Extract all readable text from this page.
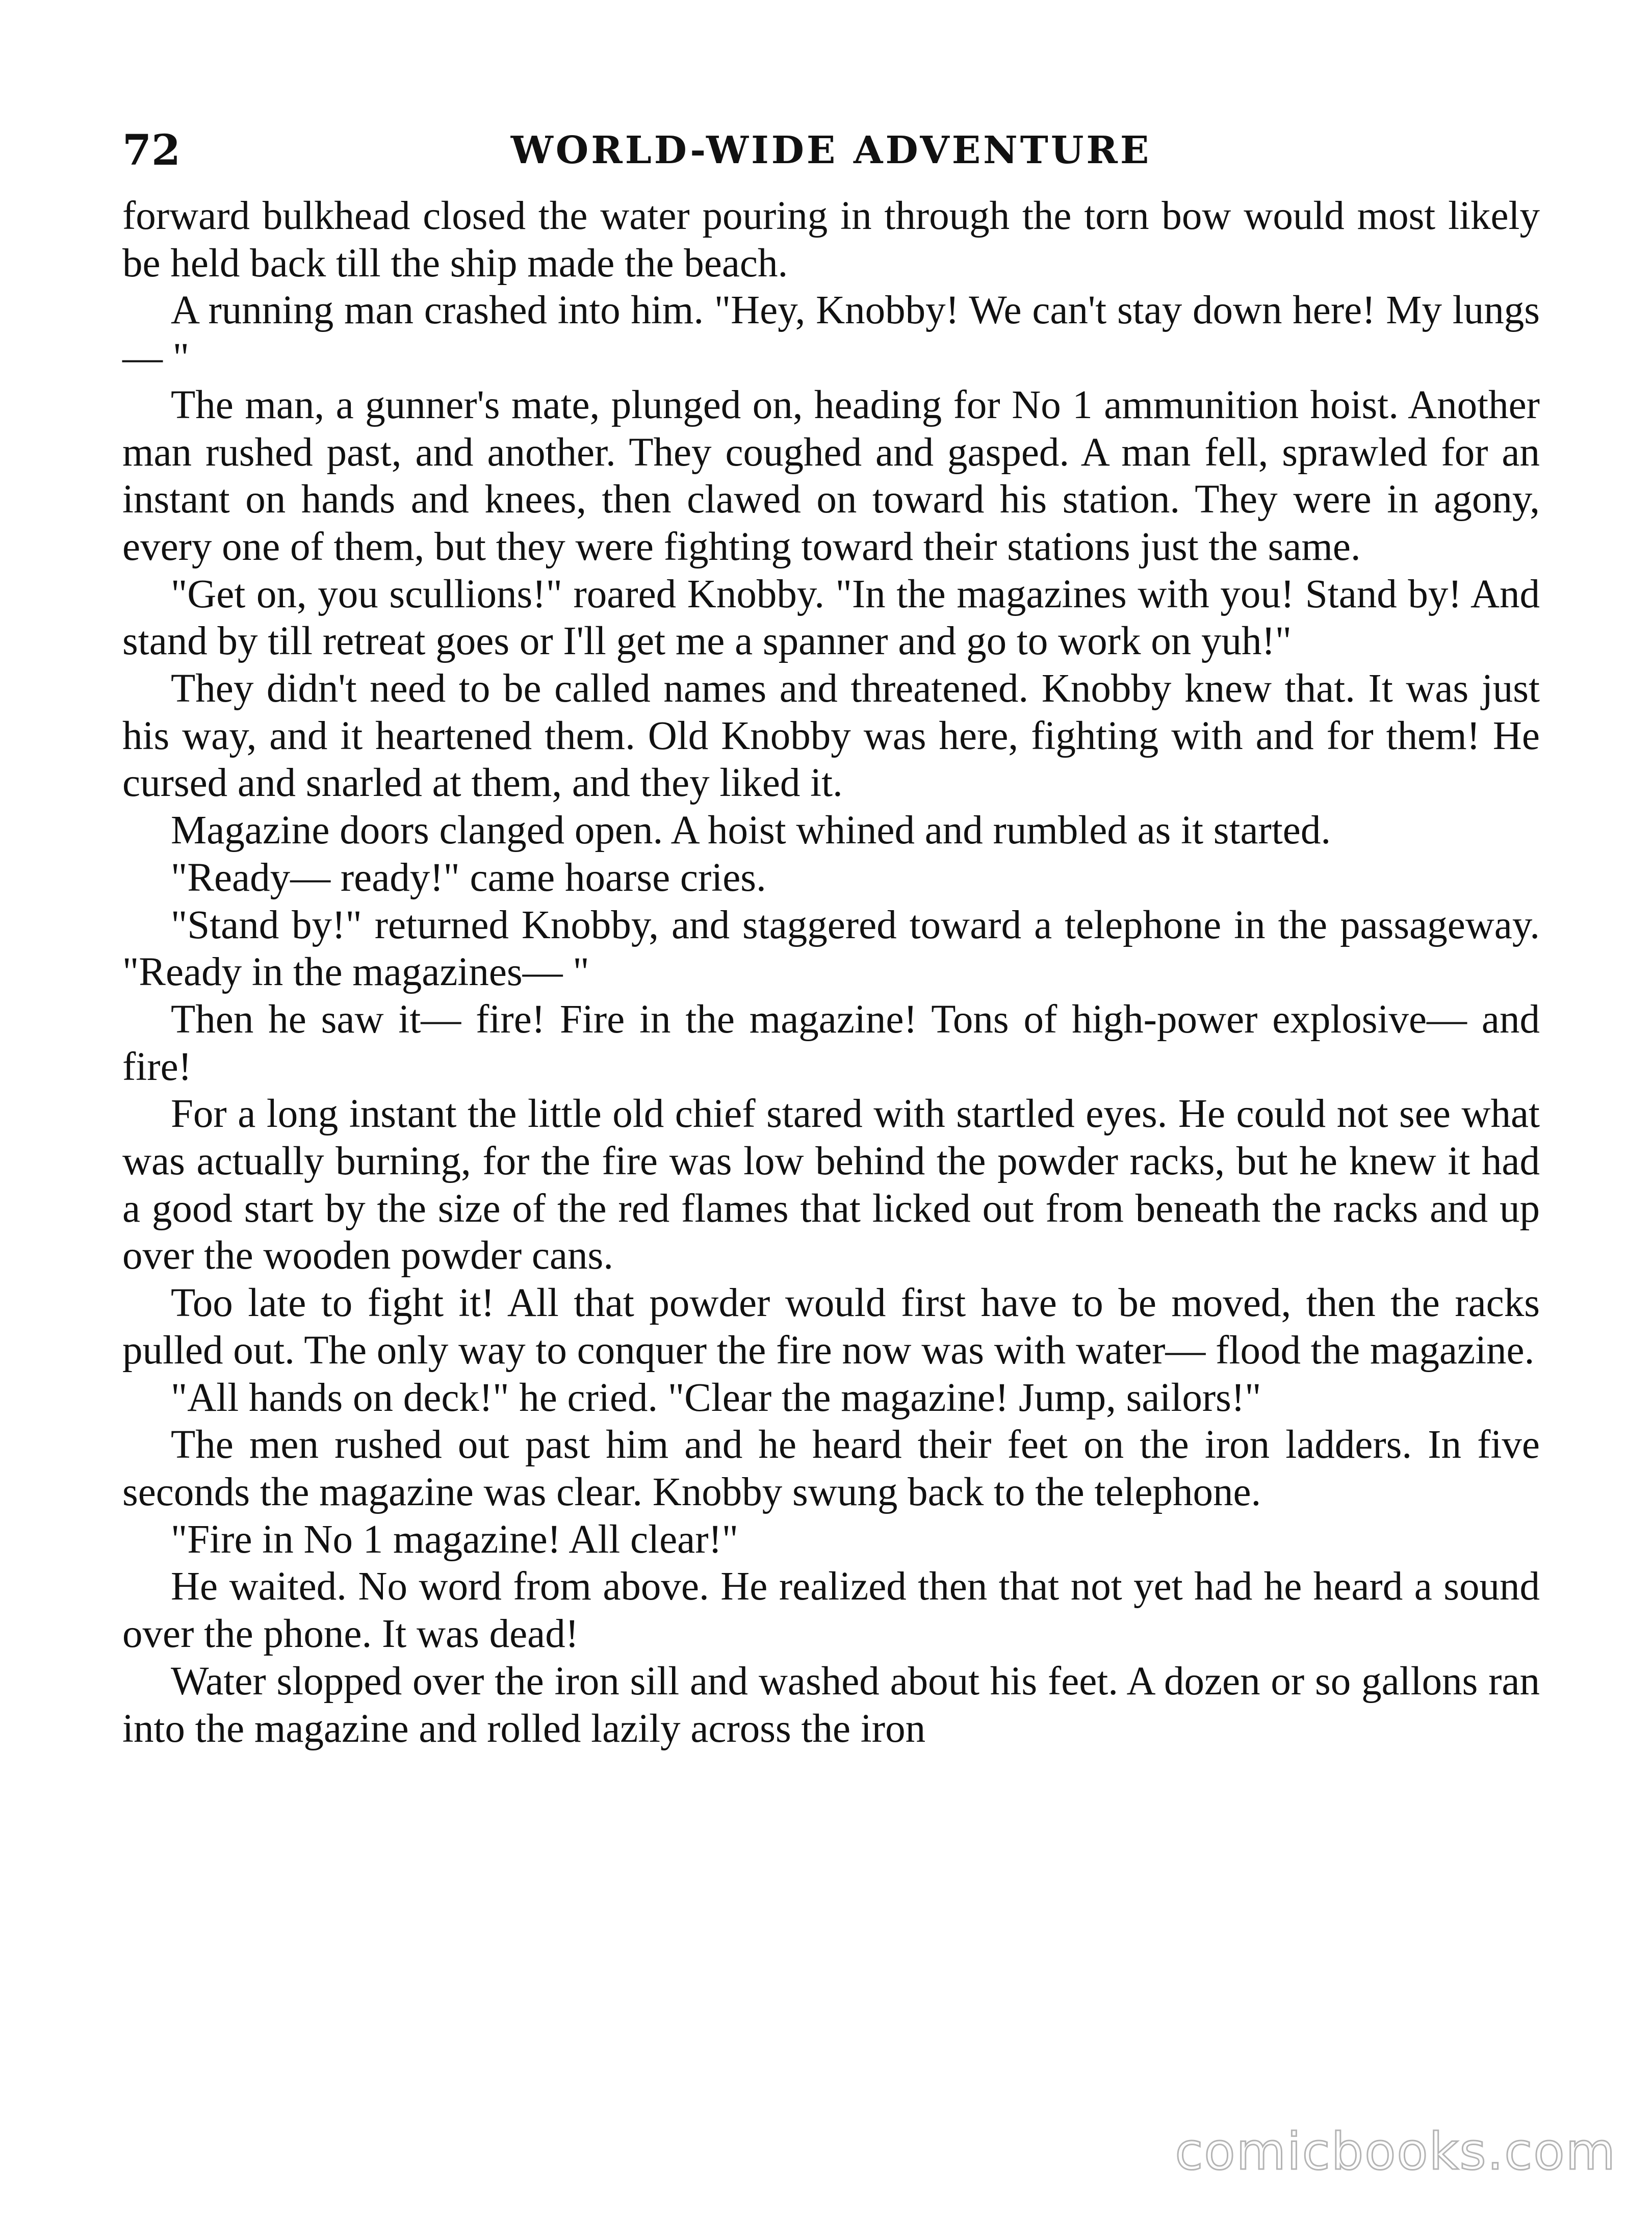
72	WORLD-WIDE ADVENTURE

forward bulkhead closed the water pouring in through the torn bow would most likely be held back till the ship made the beach.

A running man crashed into him. "Hey, Knobby! We can't stay down here! My lungs— "

The man, a gunner's mate, plunged on, heading for No 1 ammunition hoist. Another man rushed past, and another. They coughed and gasped. A man fell, sprawled for an instant on hands and knees, then clawed on toward his station. They were in agony, every one of them, but they were fighting toward their stations just the same.

"Get on, you scullions!" roared Knobby. "In the magazines with you! Stand by! And stand by till retreat goes or I'll get me a spanner and go to work on yuh!"

They didn't need to be called names and threatened. Knobby knew that. It was just his way, and it heartened them. Old Knobby was here, fighting with and for them! He cursed and snarled at them, and they liked it.

Magazine doors clanged open. A hoist whined and rumbled as it started.

"Ready— ready!" came hoarse cries.

"Stand by!" returned Knobby, and staggered toward a telephone in the passageway. "Ready in the magazines— "

Then he saw it— fire! Fire in the magazine! Tons of high-power explosive— and fire!

For a long instant the little old chief stared with startled eyes. He could not see what was actually burning, for the fire was low behind the powder racks, but he knew it had a good start by the size of the red flames that licked out from beneath the racks and up over the wooden powder cans.

Too late to fight it! All that powder would first have to be moved, then the racks pulled out. The only way to conquer the fire now was with water— flood the magazine.

"All hands on deck!" he cried. "Clear the magazine! Jump, sailors!"

The men rushed out past him and he heard their feet on the iron ladders. In five seconds the magazine was clear. Knobby swung back to the telephone.

"Fire in No 1 magazine! All clear!"

He waited. No word from above. He realized then that not yet had he heard a sound over the phone. It was dead!

Water slopped over the iron sill and washed about his feet. A dozen or so gallons ran into the magazine and rolled lazily across the iron

comicbooks.com
